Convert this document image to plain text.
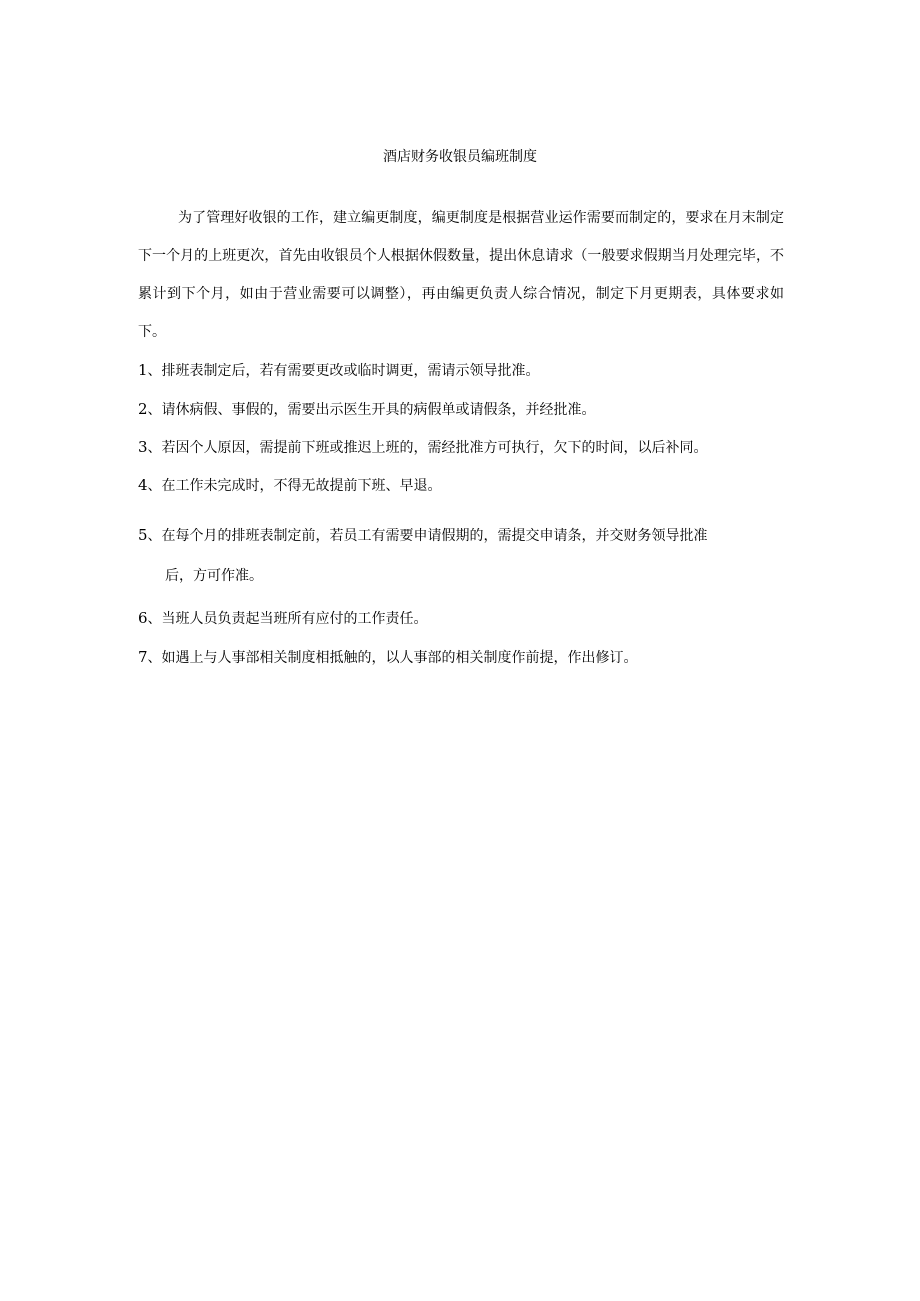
酒店财务收银员编班制度

为了管理好收银的工作，建立编更制度，编更制度是根据营业运作需要而制定的，要求在月末制定下一个月的上班更次，首先由收银员个人根据休假数量，提出休息请求（一般要求假期当月处理完毕，不累计到下个月，如由于营业需要可以调整），再由编更负责人综合情况，制定下月更期表，具体要求如下。

1、排班表制定后，若有需要更改或临时调更，需请示领导批准。

2、请休病假、事假的，需要出示医生开具的病假单或请假条，并经批准。

3、若因个人原因，需提前下班或推迟上班的，需经批准方可执行，欠下的时间，以后补同。

4、在工作未完成时，不得无故提前下班、早退。

5、在每个月的排班表制定前，若员工有需要申请假期的，需提交申请条，并交财务领导批准

后，方可作准。

6、当班人员负责起当班所有应付的工作责任。

7、如遇上与人事部相关制度相抵触的，以人事部的相关制度作前提，作出修订。
